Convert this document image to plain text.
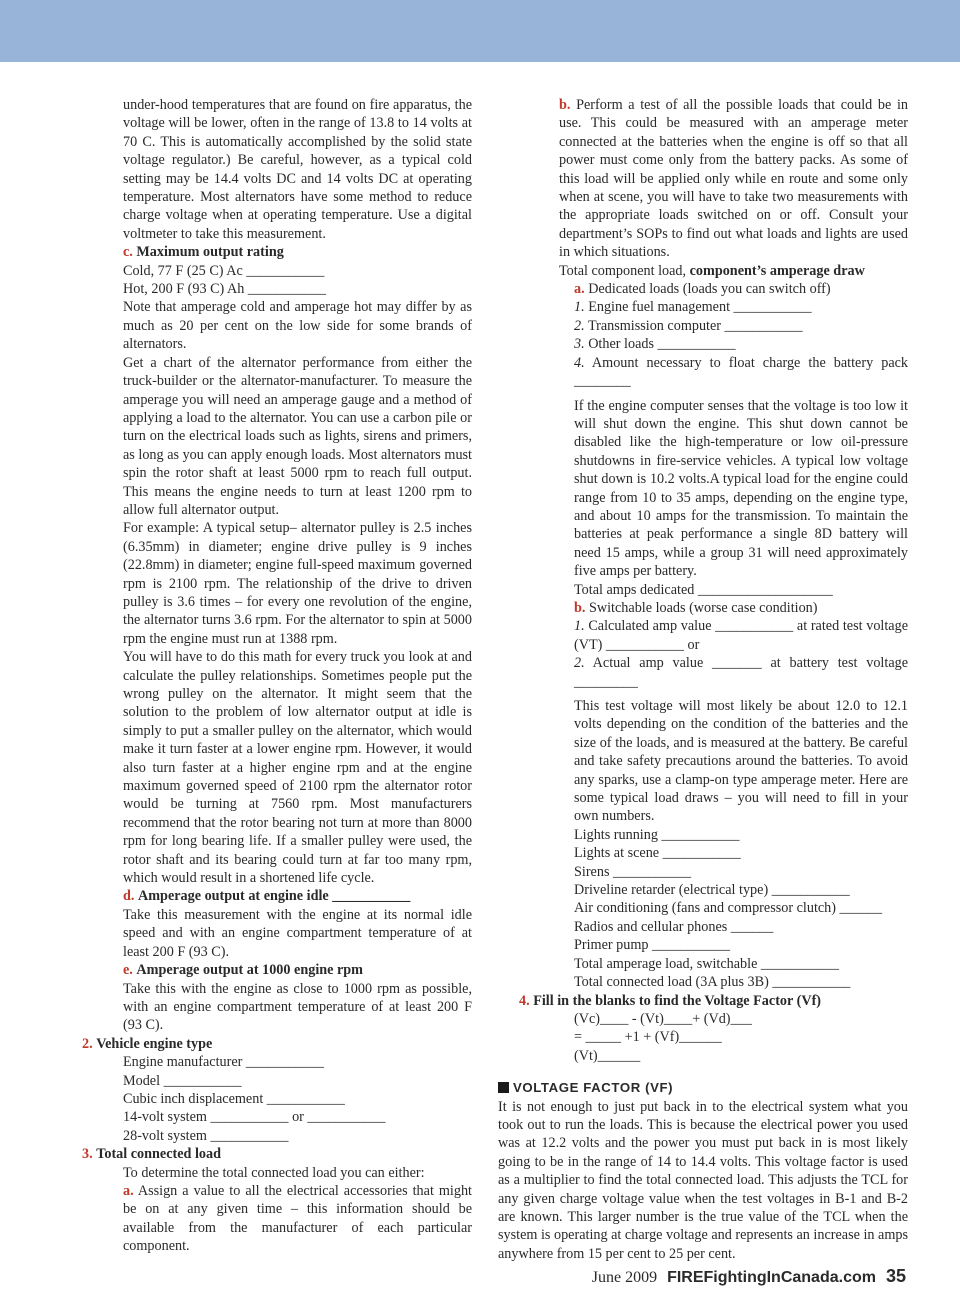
under-hood temperatures that are found on fire apparatus, the voltage will be lower, often in the range of 13.8 to 14 volts at 70 C. This is automatically accomplished by the solid state voltage regulator.) Be careful, however, as a typical cold setting may be 14.4 volts DC and 14 volts DC at operating temperature. Most alternators have some method to reduce charge voltage when at operating temperature. Use a digital voltmeter to take this measurement.

c. Maximum output rating

Cold, 77 F (25 C) Ac ___________

Hot, 200 F (93 C) Ah ___________

Note that amperage cold and amperage hot may differ by as much as 20 per cent on the low side for some brands of alternators.

Get a chart of the alternator performance from either the truck-builder or the alternator-manufacturer. To measure the amperage you will need an amperage gauge and a method of applying a load to the alternator. You can use a carbon pile or turn on the electrical loads such as lights, sirens and primers, as long as you can apply enough loads. Most alternators must spin the rotor shaft at least 5000 rpm to reach full output. This means the engine needs to turn at least 1200 rpm to allow full alternator output.

For example: A typical setup– alternator pulley is 2.5 inches (6.35mm) in diameter; engine drive pulley is 9 inches (22.8mm) in diameter; engine full-speed maximum governed rpm is 2100 rpm. The relationship of the drive to driven pulley is 3.6 times – for every one revolution of the engine, the alternator turns 3.6 rpm. For the alternator to spin at 5000 rpm the engine must run at 1388 rpm.

You will have to do this math for every truck you look at and calculate the pulley relationships. Sometimes people put the wrong pulley on the alternator. It might seem that the solution to the problem of low alternator output at idle is simply to put a smaller pulley on the alternator, which would make it turn faster at a lower engine rpm. However, it would also turn faster at a higher engine rpm and at the engine maximum governed speed of 2100 rpm the alternator rotor would be turning at 7560 rpm. Most manufacturers recommend that the rotor bearing not turn at more than 8000 rpm for long bearing life. If a smaller pulley were used, the rotor shaft and its bearing could turn at far too many rpm, which would result in a shortened life cycle.

d. Amperage output at engine idle ___________

Take this measurement with the engine at its normal idle speed and with an engine compartment temperature of at least 200 F (93 C).

e. Amperage output at 1000 engine rpm

Take this with the engine as close to 1000 rpm as possible, with an engine compartment temperature of at least 200 F (93 C).

2. Vehicle engine type

Engine manufacturer ___________

Model ___________

Cubic inch displacement ___________

14-volt system ___________ or ___________

28-volt system ___________

3. Total connected load

To determine the total connected load you can either:

a. Assign a value to all the electrical accessories that might be on at any given time – this information should be available from the manufacturer of each particular component.

b. Perform a test of all the possible loads that could be in use. This could be measured with an amperage meter connected at the batteries when the engine is off so that all power must come only from the battery packs. As some of this load will be applied only while en route and some only when at scene, you will have to take two measurements with the appropriate loads switched on or off. Consult your department’s SOPs to find out what loads and lights are used in which situations.

Total component load, component’s amperage draw

a. Dedicated loads (loads you can switch off)

1. Engine fuel management ___________

2. Transmission computer ___________

3. Other loads ___________

4. Amount necessary to float charge the battery pack ________

If the engine computer senses that the voltage is too low it will shut down the engine. This shut down cannot be disabled like the high-temperature or low oil-pressure shutdowns in fire-service vehicles. A typical low voltage shut down is 10.2 volts.A typical load for the engine could range from 10 to 35 amps, depending on the engine type, and about 10 amps for the transmission. To maintain the batteries at peak performance a single 8D battery will need 15 amps, while a group 31 will need approximately five amps per battery.

Total amps dedicated ___________________

b. Switchable loads (worse case condition)

1. Calculated amp value ___________ at rated test voltage (VT) ___________ or

2. Actual amp value _______ at battery test voltage _________

This test voltage will most likely be about 12.0 to 12.1 volts depending on the condition of the batteries and the size of the loads, and is measured at the battery. Be careful and take safety precautions around the batteries. To avoid any sparks, use a clamp-on type amperage meter. Here are some typical load draws – you will need to fill in your own numbers.

Lights running ___________

Lights at scene ___________

Sirens ___________

Driveline retarder (electrical type) ___________

Air conditioning (fans and compressor clutch) ______

Radios and cellular phones ______

Primer pump ___________

Total amperage load, switchable ___________

Total connected load (3A plus 3B) ___________

4. Fill in the blanks to find the Voltage Factor (Vf)

(Vc)____ - (Vt)____+ (Vd)___

= _____ +1 + (Vf)______

(Vt)______

VOLTAGE FACTOR (VF)

It is not enough to just put back in to the electrical system what you took out to run the loads. This is because the electrical power you used was at 12.2 volts and the power you must put back in is most likely going to be in the range of 14 to 14.4 volts. This voltage factor is used as a multiplier to find the total connected load. This adjusts the TCL for any given charge voltage value when the test voltages in B-1 and B-2 are known. This larger number is the true value of the TCL when the system is operating at charge voltage and represents an increase in amps anywhere from 15 per cent to 25 per cent.

June 2009 FIREFightingInCanada.com 35
